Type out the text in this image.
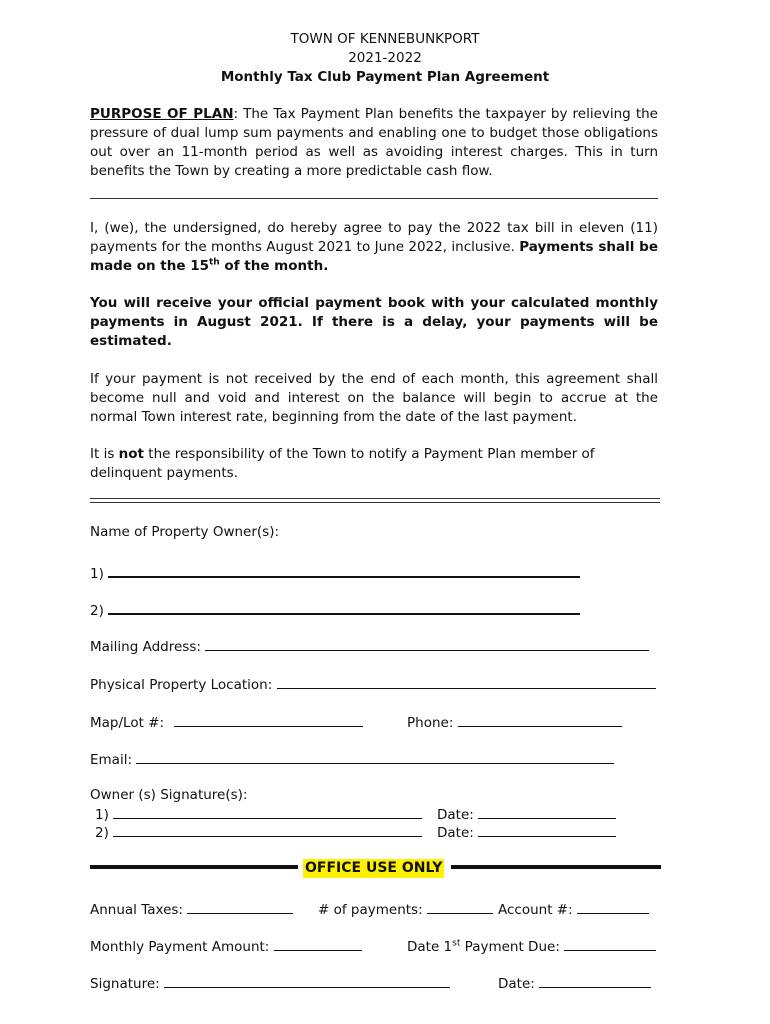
TOWN OF KENNEBUNKPORT
2021-2022
Monthly Tax Club Payment Plan Agreement
PURPOSE OF PLAN: The Tax Payment Plan benefits the taxpayer by relieving the pressure of dual lump sum payments and enabling one to budget those obligations out over an 11-month period as well as avoiding interest charges. This in turn benefits the Town by creating a more predictable cash flow.
I, (we), the undersigned, do hereby agree to pay the 2022 tax bill in eleven (11) payments for the months August 2021 to June 2022, inclusive. Payments shall be made on the 15th of the month.
You will receive your official payment book with your calculated monthly payments in August 2021. If there is a delay, your payments will be estimated.
If your payment is not received by the end of each month, this agreement shall become null and void and interest on the balance will begin to accrue at the normal Town interest rate, beginning from the date of the last payment.
It is not the responsibility of the Town to notify a Payment Plan member of delinquent payments.
Name of Property Owner(s):
1)
2)
Mailing Address:
Physical Property Location:
Map/Lot #:	Phone:
Email:
Owner (s) Signature(s):
1)	Date:
2)	Date:
OFFICE USE ONLY
Annual Taxes:	# of payments:	Account #:
Monthly Payment Amount:	Date 1st Payment Due:
Signature:	Date:
